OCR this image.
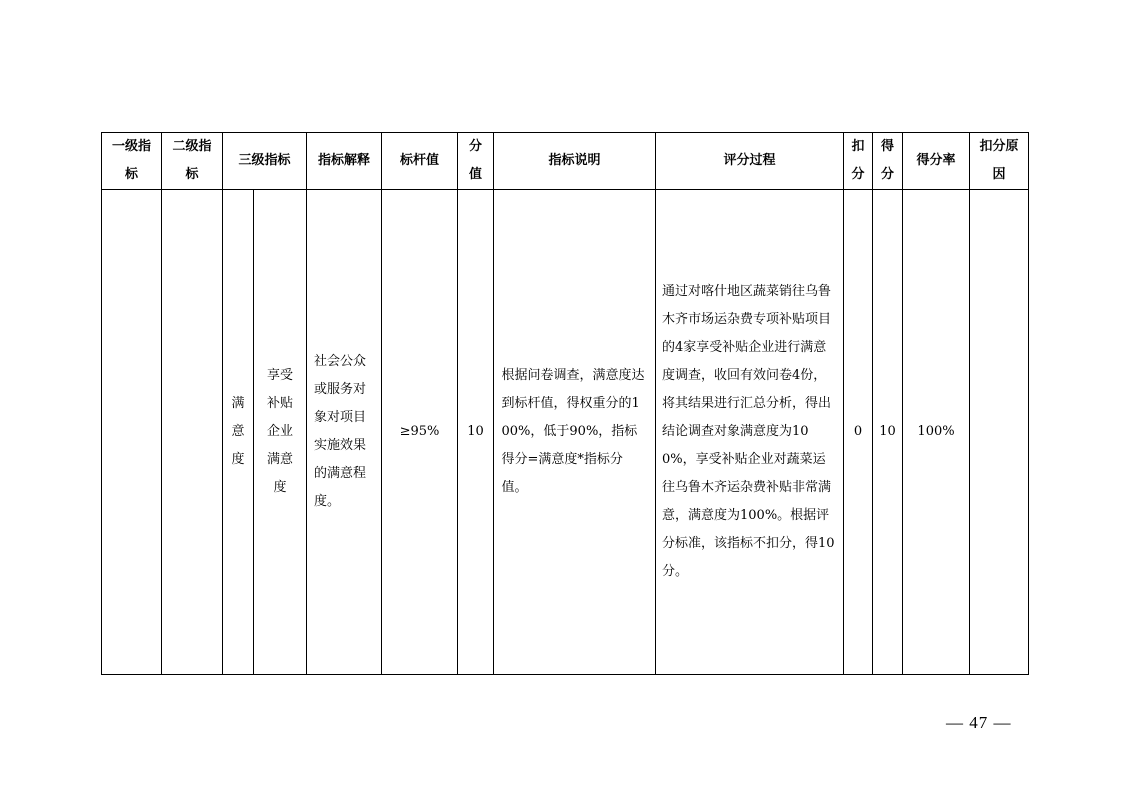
一级指标	二级指标	三级指标		指标解释	标杆值	分值	指标说明	评分过程	扣分	得分	得分率	扣分原因

		满意度	享受补贴企业满意度	社会公众或服务对象对项目实施效果的满意程度。	≥95%	10	根据问卷调查，满意度达到标杆值，得权重分的100%，低于90%，指标得分=满意度*指标分值。	通过对喀什地区蔬菜销往乌鲁木齐市场运杂费专项补贴项目的4家享受补贴企业进行满意度调查，收回有效问卷4份，将其结果进行汇总分析，得出结论调查对象满意度为100%，享受补贴企业对蔬菜运往乌鲁木齐运杂费补贴非常满意，满意度为100%。根据评分标准，该指标不扣分，得10分。	0	10	100%	
— 47 —
